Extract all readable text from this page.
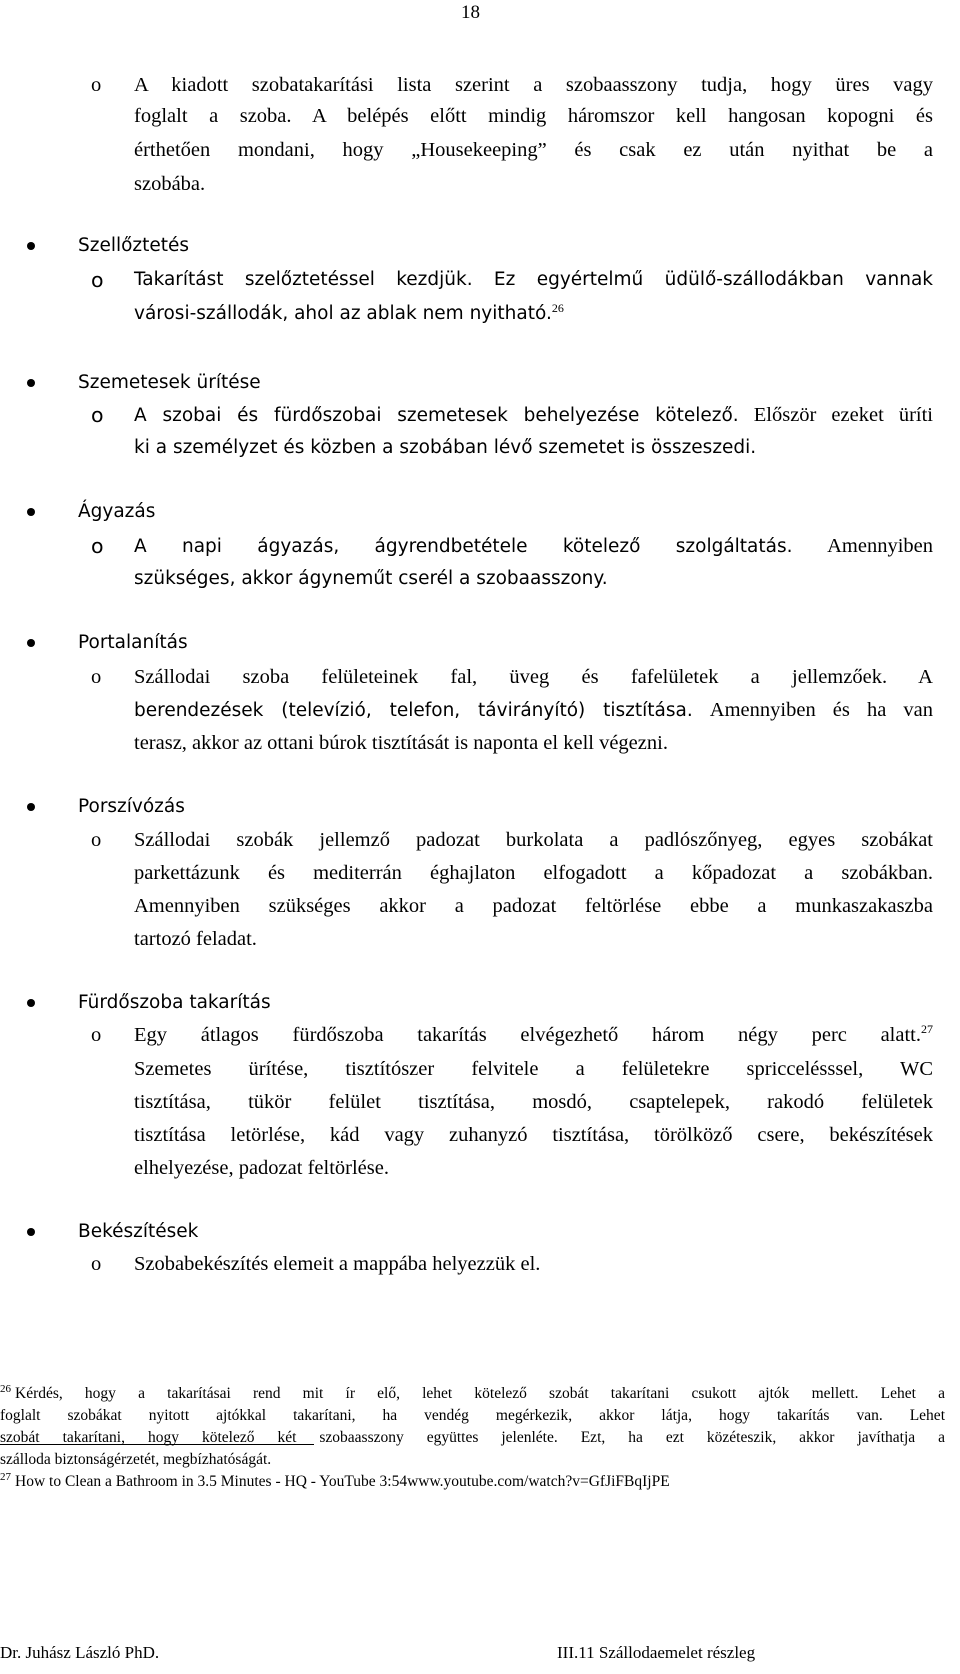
18
o A kiadott szobatakarítási lista szerint a szobaasszony tudja, hogy üres vagy
foglalt a szoba. A belépés előtt mindig háromszor kell hangosan kopogni és
érthetően mondani, hogy „Housekeeping” és csak ez után nyithat be a
szobába.
Szellőztetés
o Takarítást szelőztetéssel kezdjük. Ez egyértelmű üdülő-szállodákban vannak
városi-szállodák, ahol az ablak nem nyitható.$^{26}$
Szemetesek ürítése
o A szobai és fürdőszobai szemetesek behelyezése kötelező. Először ezeket üríti
ki a személyzet és közben a szobában lévő szemetet is összeszedi.
Ágyazás
o A napi ágyazás, ágyrendbetétele kötelező szolgáltatás. Amennyiben
szükséges, akkor ágyneműt cserél a szobaasszony.
Portalanítás
o Szállodai szoba felületeinek fal, üveg és fafelületek a jellemzőek. A
berendezések (televízió, telefon, távirányító) tisztítása. Amennyiben és ha van
terasz, akkor az ottani búrok tisztítását is naponta el kell végezni.
Porszívózás
o Szállodai szobák jellemző padozat burkolata a padlószőnyeg, egyes szobákat
parkettázunk és mediterrán éghajlaton elfogadott a kőpadozat a szobákban.
Amennyiben szükséges akkor a padozat feltörlése ebbe a munkaszakaszba
tartozó feladat.
Fürdőszoba takarítás
o Egy átlagos fürdőszoba takarítás elvégezhető három négy perc alatt.$^{27}$
Szemetes ürítése, tisztítószer felvitele a felületekre spriccelésssel, WC
tisztítása, tükör felület tisztítása, mosdó, csaptelepek, rakodó felületek
tisztítása letörlése, kád vagy zuhanyzó tisztítása, törölköző csere, bekészítések
elhelyezése, padozat feltörlése.
Bekészítések
o Szobabekészítés elemeit a mappába helyezzük el.
$^{26}$ Kérdés, hogy a takarításai rend mit ír elő, lehet kötelező szobát takarítani csukott ajtók mellett. Lehet a
foglalt szobákat nyitott ajtókkal takarítani, ha vendég megérkezik, akkor látja, hogy takarítás van. Lehet
szobát takarítani, hogy kötelező két szobaasszony együttes jelenléte. Ezt, ha ezt közéteszik, akkor javíthatja a
szálloda biztonságérzetét, megbízhatóságát.
$^{27}$ How to Clean a Bathroom in 3.5 Minutes - HQ - YouTube 3:54www.youtube.com/watch?v=GfJiFBqIjPE
Dr. Juhász László PhD.	III.11 Szállodaemelet részleg
